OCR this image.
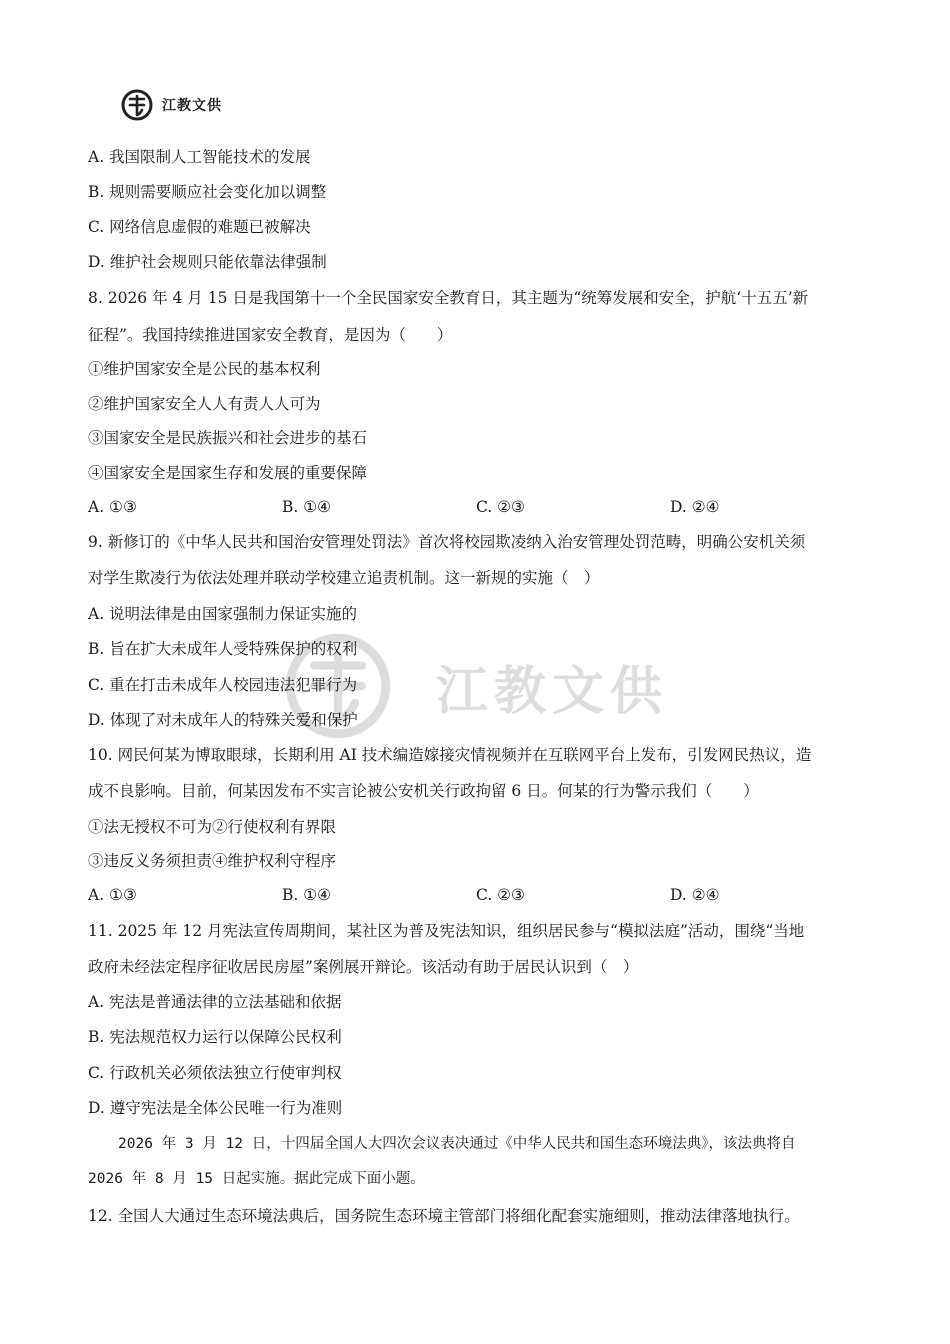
江教文供
江教文供
A. 我国限制人工智能技术的发展
B. 规则需要顺应社会变化加以调整
C. 网络信息虚假的难题已被解决
D. 维护社会规则只能依靠法律强制
8. 2026 年 4 月 15 日是我国第十一个全民国家安全教育日，其主题为“统筹发展和安全，护航‘十五五’新
征程”。我国持续推进国家安全教育，是因为（　　）
①维护国家安全是公民的基本权利
②维护国家安全人人有责人人可为
③国家安全是民族振兴和社会进步的基石
④国家安全是国家生存和发展的重要保障
A. ①③	B. ①④	C. ②③	D. ②④
9. 新修订的《中华人民共和国治安管理处罚法》首次将校园欺凌纳入治安管理处罚范畴，明确公安机关须
对学生欺凌行为依法处理并联动学校建立追责机制。这一新规的实施（　）
A. 说明法律是由国家强制力保证实施的
B. 旨在扩大未成年人受特殊保护的权利
C. 重在打击未成年人校园违法犯罪行为
D. 体现了对未成年人的特殊关爱和保护
10. 网民何某为博取眼球，长期利用 AI 技术编造嫁接灾情视频并在互联网平台上发布，引发网民热议，造
成不良影响。目前，何某因发布不实言论被公安机关行政拘留 6 日。何某的行为警示我们（　　）
①法无授权不可为②行使权利有界限
③违反义务须担责④维护权利守程序
A. ①③	B. ①④	C. ②③	D. ②④
11. 2025 年 12 月宪法宣传周期间，某社区为普及宪法知识，组织居民参与“模拟法庭”活动，围绕“当地
政府未经法定程序征收居民房屋”案例展开辩论。该活动有助于居民认识到（　）
A. 宪法是普通法律的立法基础和依据
B. 宪法规范权力运行以保障公民权利
C. 行政机关必须依法独立行使审判权
D. 遵守宪法是全体公民唯一行为准则
2026 年 3 月 12 日，十四届全国人大四次会议表决通过《中华人民共和国生态环境法典》，该法典将自
2026 年 8 月 15 日起实施。据此完成下面小题。
12. 全国人大通过生态环境法典后，国务院生态环境主管部门将细化配套实施细则，推动法律落地执行。
